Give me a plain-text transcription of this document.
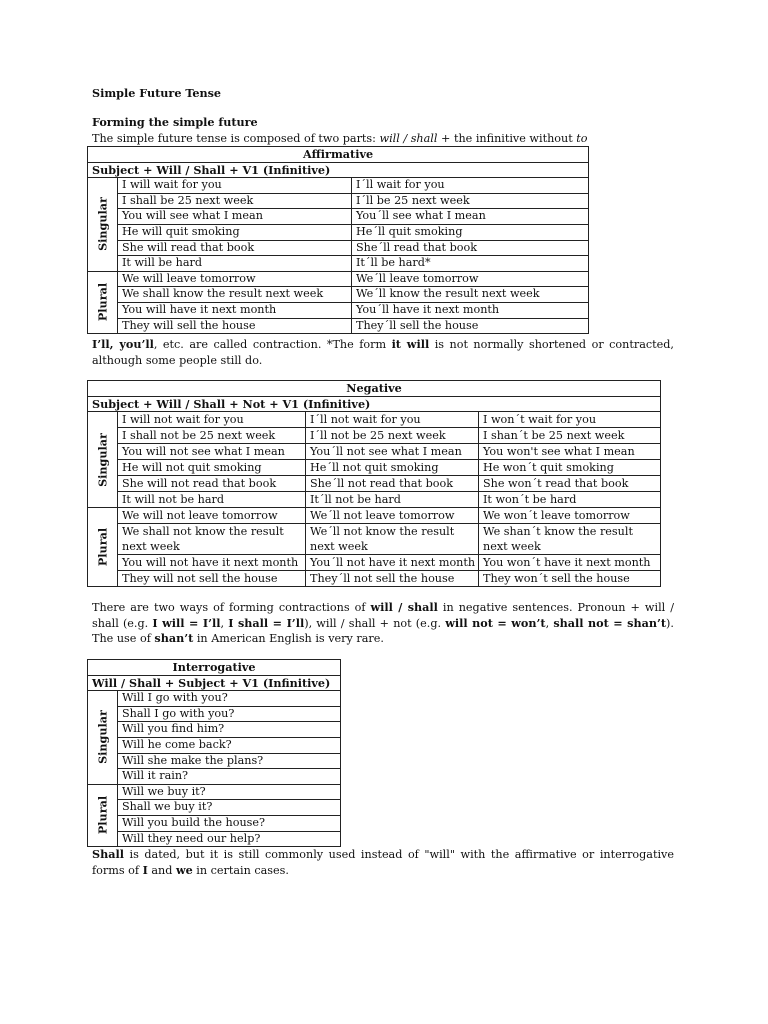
Simple Future Tense
Forming the simple future
The simple future tense is composed of two parts: will / shall + the infinitive without to
Affirmative		
Subject + Will / Shall + V1 (Infinitive)		

Singular	I will wait for you	I´ll wait for you
	I shall be 25 next week	I´ll be 25 next week
	You will see what I mean	You´ll see what I mean
	He will quit smoking	He´ll quit smoking
	She will read that book	She´ll read that book
	It will be hard	It´ll be hard*

Plural	We will leave tomorrow	We´ll leave tomorrow
	We shall know the result next week	We´ll know the result next week
	You will have it next month	You´ll have it next month
	They will sell the house	They´ll sell the house
I’ll, you’ll, etc. are called contraction. *The form it will is not normally shortened or contracted, although some people still do.
Negative			
Subject + Will / Shall + Not + V1 (Infinitive)			

Singular	I will not wait for you	I´ll not wait for you	I won´t wait for you
	I shall not be 25 next week	I´ll not be 25 next week	I shan´t be 25 next week
	You will not see what I mean	You´ll not see what I mean	You won't see what I mean
	He will not quit smoking	He´ll not quit smoking	He won´t quit smoking
	She will not read that book	She´ll not read that book	She won´t read that book
	It will not be hard	It´ll not be hard	It won´t be hard

Plural	We will not leave tomorrow	We´ll not leave tomorrow	We won´t leave tomorrow
	We shall not know the result next week	We´ll not know the result next week	We shan´t know the result next week
	You will not have it next month	You´ll not have it next month	You won´t have it next month
	They will not sell the house	They´ll not sell the house	They won´t sell the house
There are two ways of forming contractions of will / shall in negative sentences. Pronoun + will / shall (e.g. I will = I’ll, I shall = I’ll), will / shall + not (e.g. will not = won’t, shall not = shan’t). The use of shan’t in American English is very rare.
Interrogative	
Will / Shall + Subject + V1 (Infinitive)	

Singular	Will I go with you?
	Shall I go with you?
	Will you find him?
	Will he come back?
	Will she make the plans?
	Will it rain?

Plural	Will we buy it?
	Shall we buy it?
	Will you build the house?
	Will they need our help?
Shall is dated, but it is still commonly used instead of "will" with the affirmative or interrogative forms of I and we in certain cases.
